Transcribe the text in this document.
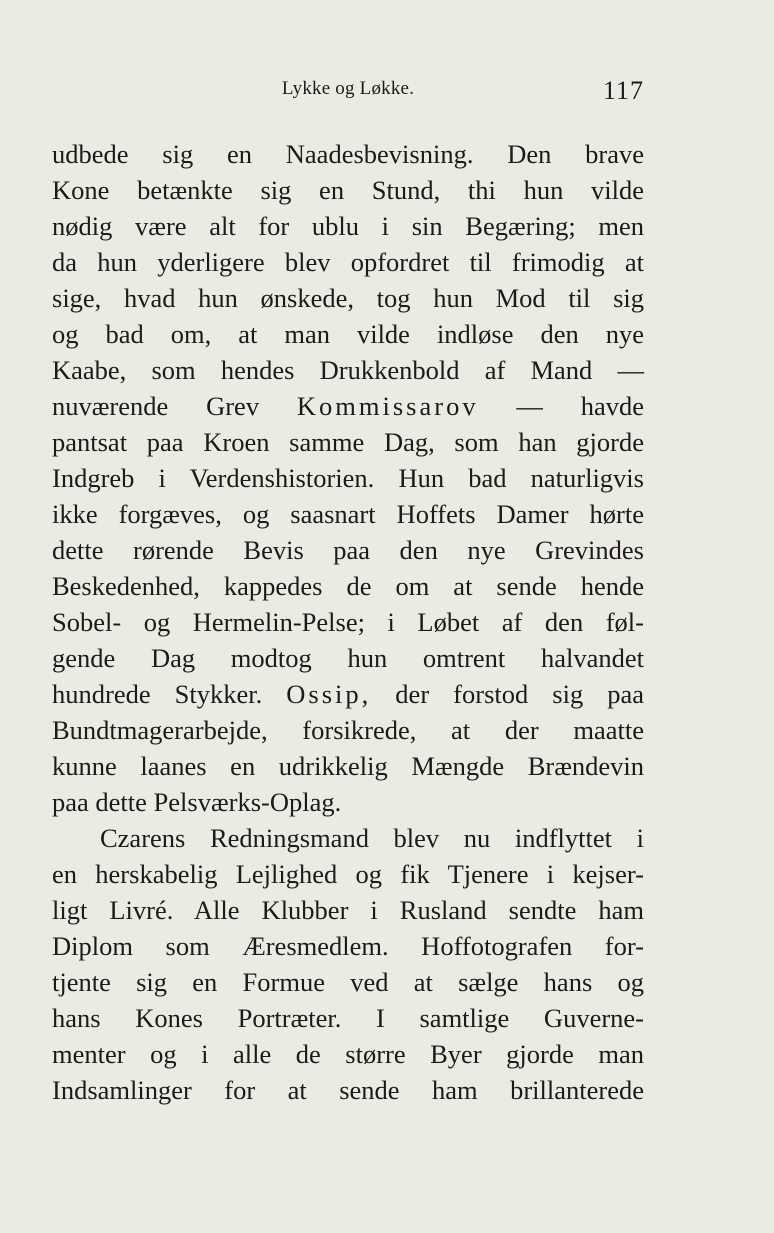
Lykke og Løkke.	117
udbede sig en Naadesbevisning. Den brave
Kone betænkte sig en Stund, thi hun vilde
nødig være alt for ublu i sin Begæring; men
da hun yderligere blev opfordret til frimodig at
sige, hvad hun ønskede, tog hun Mod til sig
og bad om, at man vilde indløse den nye
Kaabe, som hendes Drukkenbold af Mand —
nuværende Grev Kommissarov — havde
pantsat paa Kroen samme Dag, som han gjorde
Indgreb i Verdenshistorien. Hun bad naturligvis
ikke forgæves, og saasnart Hoffets Damer hørte
dette rørende Bevis paa den nye Grevindes
Beskedenhed, kappedes de om at sende hende
Sobel- og Hermelin-Pelse; i Løbet af den føl-
gende Dag modtog hun omtrent halvandet
hundrede Stykker. Ossip, der forstod sig paa
Bundtmagerarbejde, forsikrede, at der maatte
kunne laanes en udrikkelig Mængde Brændevin
paa dette Pelsværks-Oplag.
Czarens Redningsmand blev nu indflyttet i
en herskabelig Lejlighed og fik Tjenere i kejser-
ligt Livré. Alle Klubber i Rusland sendte ham
Diplom som Æresmedlem. Hoffotografen for-
tjente sig en Formue ved at sælge hans og
hans Kones Portræter. I samtlige Guverne-
menter og i alle de større Byer gjorde man
Indsamlinger for at sende ham brillanterede
